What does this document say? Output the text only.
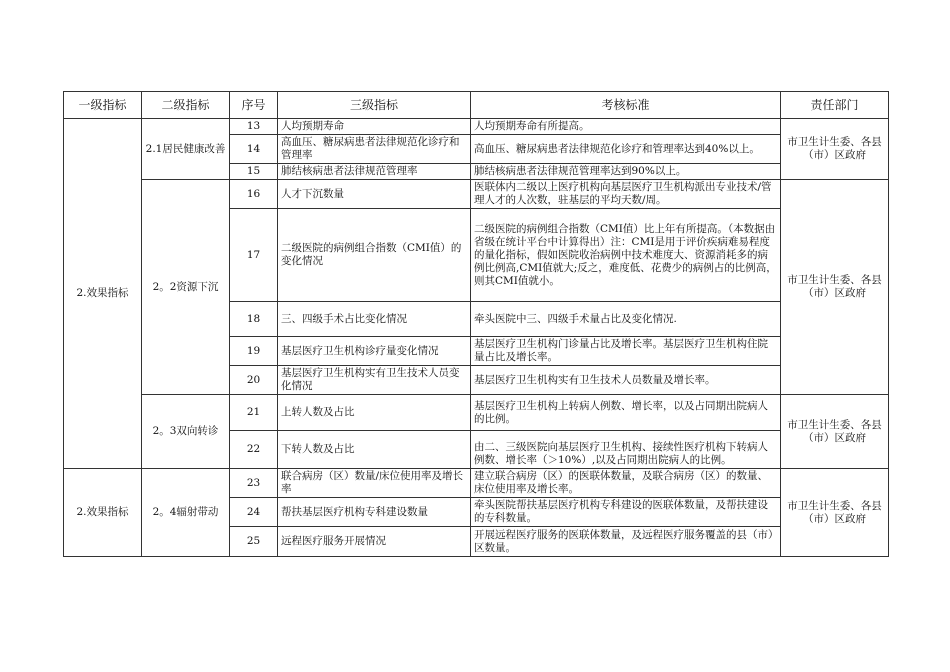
一级指标	二级指标	序号	三级指标	考核标准	责任部门
2.效果指标	2.1居民健康改善	13	人均预期寿命	人均预期寿命有所提高。	市卫生计生委、各县（市）区政府
		14	高血压、糖尿病患者法律规范化诊疗和管理率	高血压、糖尿病患者法律规范化诊疗和管理率达到40%以上。	
		15	肺结核病患者法律规范管理率	肺结核病患者法律规范管理率达到90%以上。	
	2。2资源下沉	16	人才下沉数量	医联体内二级以上医疗机构向基层医疗卫生机构派出专业技术/管理人才的人次数，驻基层的平均天数/周。	市卫生计生委、各县（市）区政府
		17	二级医院的病例组合指数（CMI值）的变化情况	二级医院的病例组合指数（CMI值）比上年有所提高。（本数据由省级在统计平台中计算得出）注：CMI是用于评价疾病难易程度的量化指标，假如医院收治病例中技术难度大、资源消耗多的病例比例高,CMI值就大;反之，难度低、花费少的病例占的比例高，则其CMI值就小。	
		18	三、四级手术占比变化情况	牵头医院中三、四级手术量占比及变化情况.	
		19	基层医疗卫生机构诊疗量变化情况	基层医疗卫生机构门诊量占比及增长率。基层医疗卫生机构住院量占比及增长率。	
		20	基层医疗卫生机构实有卫生技术人员变化情况	基层医疗卫生机构实有卫生技术人员数量及增长率。	
	2。3双向转诊	21	上转人数及占比	基层医疗卫生机构上转病人例数、增长率，以及占同期出院病人的比例。	市卫生计生委、各县（市）区政府
		22	下转人数及占比	由二、三级医院向基层医疗卫生机构、接续性医疗机构下转病人例数、增长率（＞10%）,以及占同期出院病人的比例。	
2.效果指标	2。4辐射带动	23	联合病房（区）数量/床位使用率及增长率	建立联合病房（区）的医联体数量，及联合病房（区）的数量、床位使用率及增长率。	市卫生计生委、各县（市）区政府
		24	帮扶基层医疗机构专科建设数量	牵头医院帮扶基层医疗机构专科建设的医联体数量，及帮扶建设的专科数量。	
		25	远程医疗服务开展情况	开展远程医疗服务的医联体数量，及远程医疗服务覆盖的县（市）区数量。	
